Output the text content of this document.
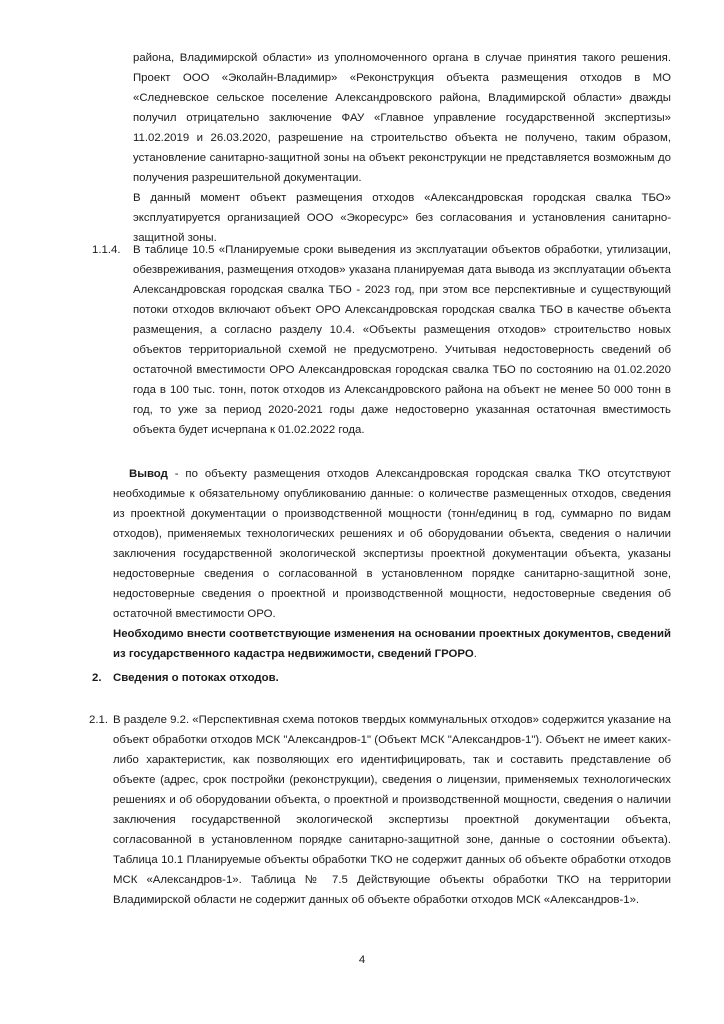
района, Владимирской области» из уполномоченного органа в случае принятия такого решения. Проект ООО «Эколайн-Владимир» «Реконструкция объекта размещения отходов в МО «Следневское сельское поселение Александровского района, Владимирской области» дважды получил отрицательно заключение ФАУ «Главное управление государственной экспертизы» 11.02.2019 и 26.03.2020, разрешение на строительство объекта не получено, таким образом, установление санитарно-защитной зоны на объект реконструкции не представляется возможным до получения разрешительной документации.

В данный момент объект размещения отходов «Александровская городская свалка ТБО» эксплуатируется организацией ООО «Экоресурс» без согласования и установления санитарно-защитной зоны.

1.1.4. В таблице 10.5 «Планируемые сроки выведения из эксплуатации объектов обработки, утилизации, обезвреживания, размещения отходов» указана планируемая дата вывода из эксплуатации объекта Александровская городская свалка ТБО - 2023 год, при этом все перспективные и существующий потоки отходов включают объект ОРО Александровская городская свалка ТБО в качестве объекта размещения, а согласно разделу 10.4. «Объекты размещения отходов» строительство новых объектов территориальной схемой не предусмотрено. Учитывая недостоверность сведений об остаточной вместимости ОРО Александровская городская свалка ТБО по состоянию на 01.02.2020 года в 100 тыс. тонн, поток отходов из Александровского района на объект не менее 50 000 тонн в год, то уже за период 2020-2021 годы даже недостоверно указанная остаточная вместимость объекта будет исчерпана к 01.02.2022 года.

Вывод - по объекту размещения отходов Александровская городская свалка ТКО отсутствуют необходимые к обязательному опубликованию данные: о количестве размещенных отходов, сведения из проектной документации о производственной мощности (тонн/единиц в год, суммарно по видам отходов), применяемых технологических решениях и об оборудовании объекта, сведения о наличии заключения государственной экологической экспертизы проектной документации объекта, указаны недостоверные сведения о согласованной в установленном порядке санитарно-защитной зоне, недостоверные сведения о проектной и производственной мощности, недостоверные сведения об остаточной вместимости ОРО.

Необходимо внести соответствующие изменения на основании проектных документов, сведений из государственного кадастра недвижимости, сведений ГРОРО.

2. Сведения о потоках отходов.
2.1. В разделе 9.2. «Перспективная схема потоков твердых коммунальных отходов» содержится указание на объект обработки отходов МСК "Александров-1" (Объект МСК "Александров-1"). Объект не имеет каких-либо характеристик, как позволяющих его идентифицировать, так и составить представление об объекте (адрес, срок постройки (реконструкции), сведения о лицензии, применяемых технологических решениях и об оборудовании объекта, о проектной и производственной мощности, сведения о наличии заключения государственной экологической экспертизы проектной документации объекта, согласованной в установленном порядке санитарно-защитной зоне, данные о состоянии объекта). Таблица 10.1 Планируемые объекты обработки ТКО не содержит данных об объекте обработки отходов МСК «Александров-1». Таблица № 7.5 Действующие объекты обработки ТКО на территории Владимирской области не содержит данных об объекте обработки отходов МСК «Александров-1».

4
